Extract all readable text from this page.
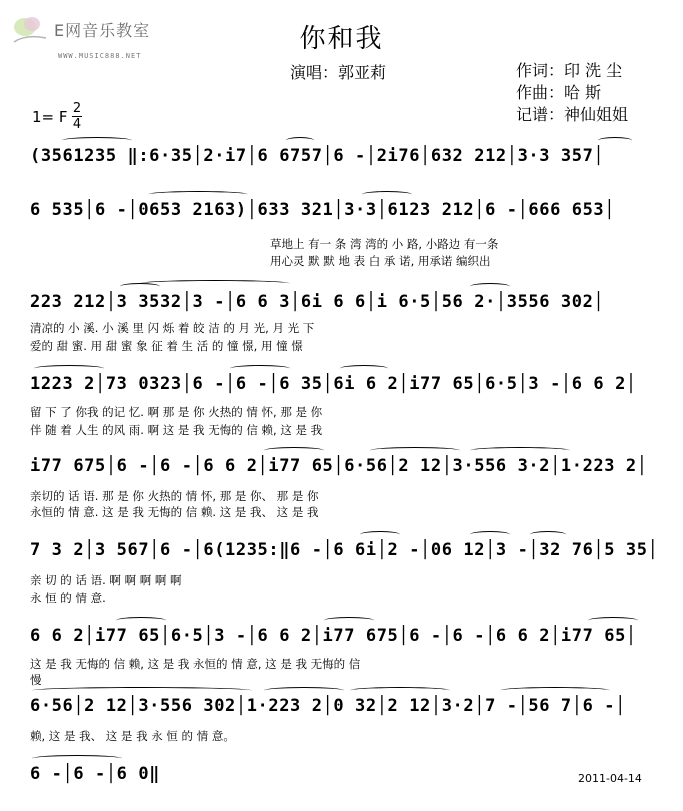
E网音乐教室
WWW.MUSIC888.NET
你和我
演唱：郭亚莉	作词：印 洗 尘
作曲：哈 斯
记谱：神仙姐姐
1= F 2
4
(3561235 ‖:6·35│2·i7│6 6757│6 -│2i76│632 212│3·3 357│
6 535│6 -│0653 2163)│633 321│3·3│6123 212│6 -│666 653│
草地上 有一 条 湾 湾的 小 路, 小路边 有一条
用心灵 默 默 地 表 白 承 诺, 用承诺 编织出
223 212│3 3532│3 -│6 6 3│6i 6 6│i 6·5│56 2·│3556 302│
清凉的 小 溪. 小 溪 里 闪 烁 着 皎 洁 的 月 光, 月 光 下
爱的 甜 蜜. 用 甜 蜜 象 征 着 生 活 的 憧 憬, 用 憧 憬
1223 2│73 0323│6 -│6 -│6 35│6i 6 2│i77 65│6·5│3 -│6 6 2│
留 下 了 你我 的记 忆. 啊 那 是 你 火热的 情 怀, 那 是 你
伴 随 着 人生 的风 雨. 啊 这 是 我 无悔的 信 赖, 这 是 我
i77 675│6 -│6 -│6 6 2│i77 65│6·56│2 12│3·556 3·2│1·223 2│
亲切的 话 语. 那 是 你 火热的 情 怀, 那 是 你、 那 是 你
永恒的 情 意. 这 是 我 无悔的 信 赖. 这 是 我、 这 是 我
7 3 2│3 567│6 -│6(1235:‖6 -│6 6i│2 -│06 12│3 -│32 76│5 35│
亲 切 的 话 语. 啊 啊 啊 啊 啊
永 恒 的 情 意.
6 6 2│i77 65│6·5│3 -│6 6 2│i77 675│6 -│6 -│6 6 2│i77 65│
这 是 我 无悔的 信 赖, 这 是 我 永恒的 情 意, 这 是 我 无悔的 信
慢
6·56│2 12│3·556 302│1·223 2│0 32│2 12│3·2│7 -│56 7│6 -│
赖, 这 是 我、 这 是 我 永 恒 的 情 意。
6 -│6 -│6 0‖	2011-04-14
